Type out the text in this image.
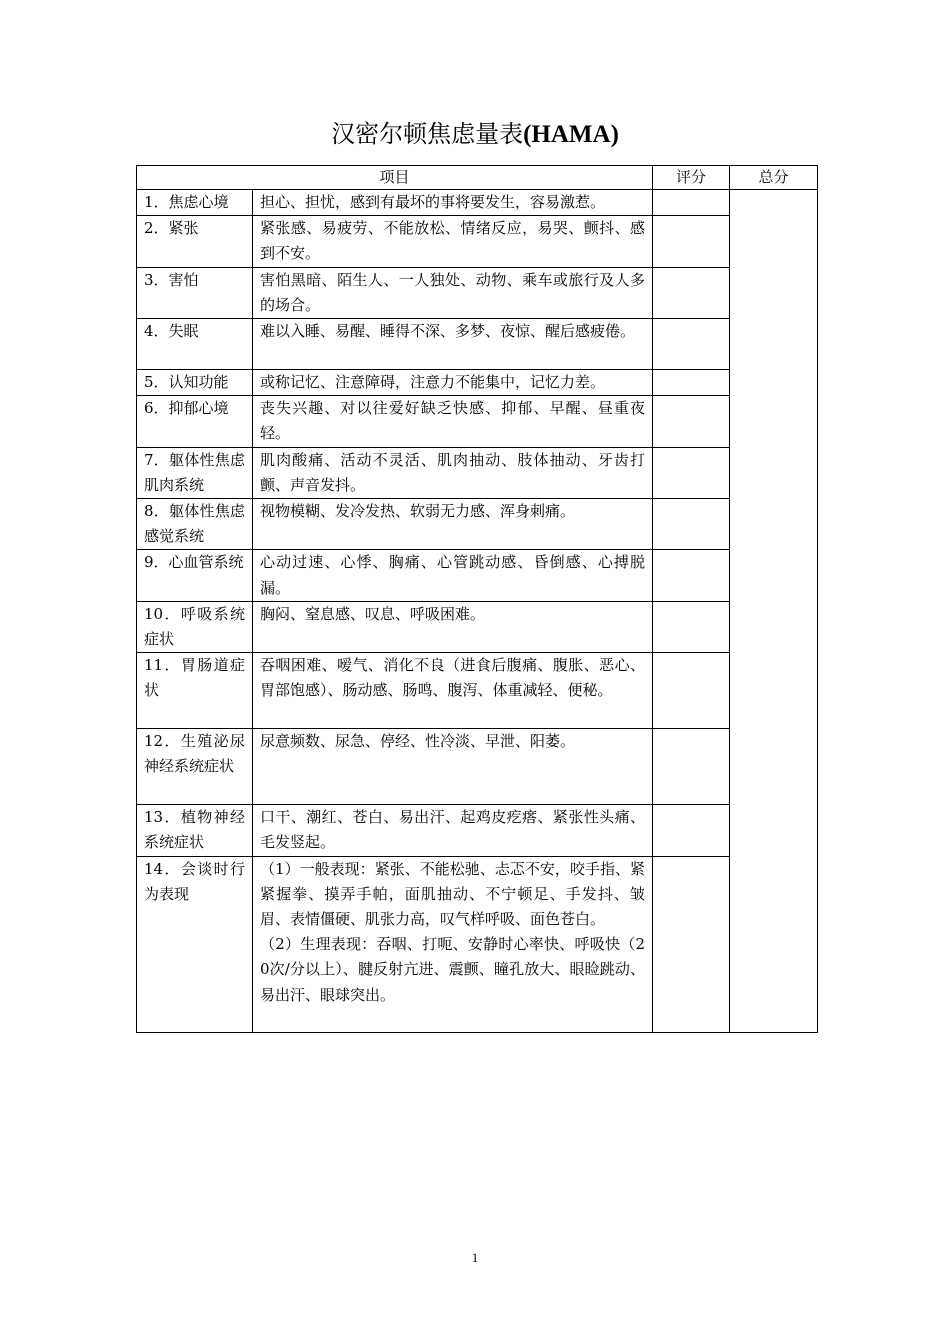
汉密尔顿焦虑量表(HAMA)
项目		评分	总分
1．焦虑心境	担心、担忧，感到有最坏的事将要发生，容易激惹。		

2．紧张	紧张感、易疲劳、不能放松、情绪反应，易哭、颤抖、感到不安。		

3．害怕	害怕黑暗、陌生人、一人独处、动物、乘车或旅行及人多的场合。		

4．失眠	难以入睡、易醒、睡得不深、多梦、夜惊、醒后感疲倦。		

5．认知功能	或称记忆、注意障碍，注意力不能集中，记忆力差。		

6．抑郁心境	丧失兴趣、对以往爱好缺乏快感、抑郁、早醒、昼重夜轻。		

7．躯体性焦虑肌肉系统	肌肉酸痛、活动不灵活、肌肉抽动、肢体抽动、牙齿打颤、声音发抖。		

8．躯体性焦虑感觉系统	视物模糊、发冷发热、软弱无力感、浑身刺痛。		

9．心血管系统	心动过速、心悸、胸痛、心管跳动感、昏倒感、心搏脱漏。		

10．呼吸系统症状	胸闷、窒息感、叹息、呼吸困难。		

11．胃肠道症状	吞咽困难、嗳气、消化不良（进食后腹痛、腹胀、恶心、胃部饱感）、肠动感、肠鸣、腹泻、体重减轻、便秘。		

12．生殖泌尿神经系统症状	尿意频数、尿急、停经、性冷淡、早泄、阳萎。		

13．植物神经系统症状	口干、潮红、苍白、易出汗、起鸡皮疙瘩、紧张性头痛、毛发竖起。		

14．会谈时行为表现	（1）一般表现：紧张、不能松驰、忐忑不安，咬手指、紧紧握拳、摸弄手帕，面肌抽动、不宁顿足、手发抖、皱眉、表情僵硬、肌张力高，叹气样呼吸、面色苍白。
（2）生理表现：吞咽、打呃、安静时心率快、呼吸快（20次/分以上）、腱反射亢进、震颤、瞳孔放大、眼睑跳动、易出汗、眼球突出。		

1
